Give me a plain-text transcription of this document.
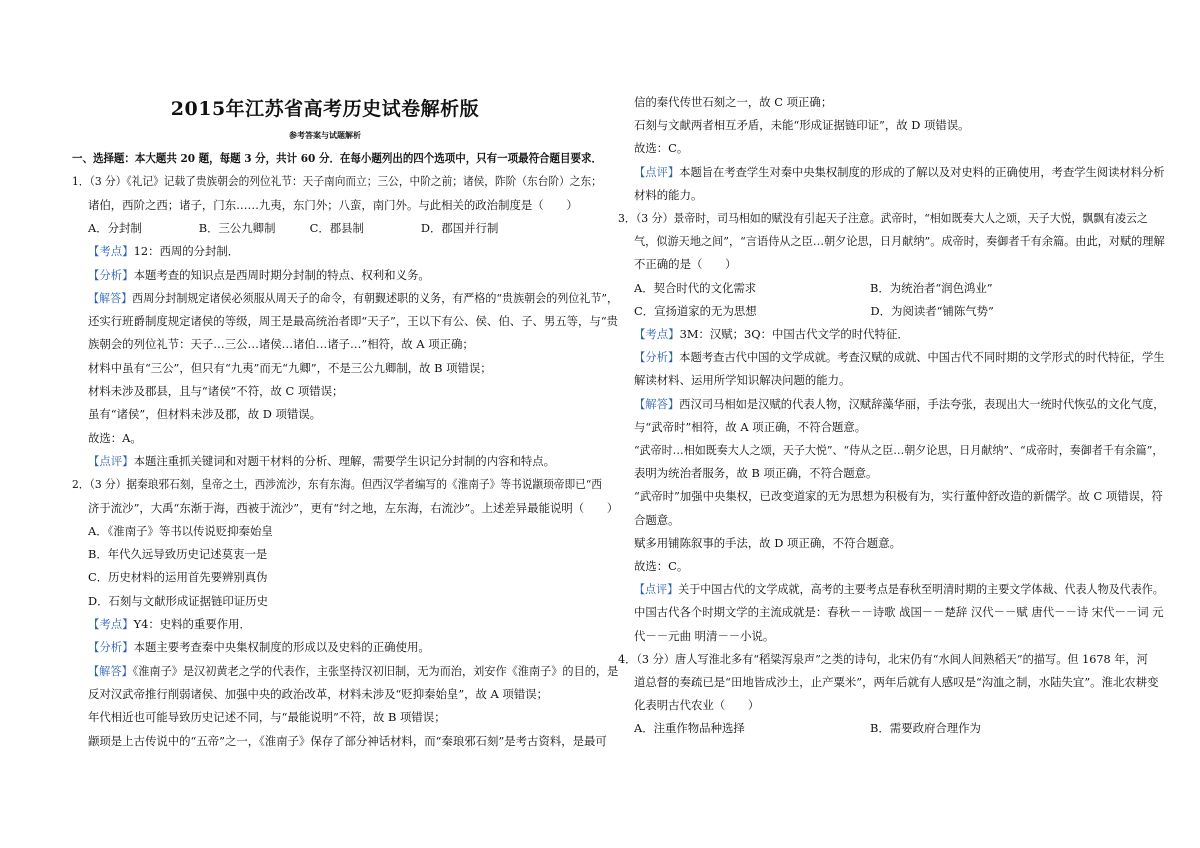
2015年江苏省高考历史试卷解析版
参考答案与试题解析
一、选择题：本大题共 20 题，每题 3 分，共计 60 分．在每小题列出的四个选项中，只有一项最符合题目要求．
1．（3 分）《礼记》记载了贵族朝会的列位礼节：天子南向而立；三公，中阶之前；诸侯，阼阶（东台阶）之东；
诸伯，西阶之西；诸子，门东……九夷，东门外；八蛮，南门外。与此相关的政治制度是（　　）
A．分封制　　　　　B．三公九卿制　　　C．郡县制　　　　　D．郡国并行制
【考点】12：西周的分封制．
【分析】本题考查的知识点是西周时期分封制的特点、权利和义务。
【解答】西周分封制规定诸侯必须服从周天子的命令，有朝觐述职的义务，有严格的“贵族朝会的列位礼节”，
还实行班爵制度规定诸侯的等级，周王是最高统治者即“天子”，王以下有公、侯、伯、子、男五等，与“贵
族朝会的列位礼节：天子…三公…诸侯…诸伯…诸子…”相符，故 A 项正确；
材料中虽有“三公”，但只有“九夷”而无“九卿”，不是三公九卿制，故 B 项错误；
材料未涉及郡县，且与“诸侯”不符，故 C 项错误；
虽有“诸侯”，但材料未涉及郡，故 D 项错误。
故选：A。
【点评】本题注重抓关键词和对题干材料的分析、理解，需要学生识记分封制的内容和特点。
2．（3 分）据秦琅邪石刻，皇帝之土，西涉流沙，东有东海。但西汉学者编写的《淮南子》等书说颛顼帝即已“西
济于流沙”，大禹“东渐于海，西被于流沙”，更有“纣之地，左东海，右流沙”。上述差异最能说明（　　）
A．《淮南子》等书以传说贬抑秦始皇
B．年代久远导致历史记述莫衷一是
C．历史材料的运用首先要辨别真伪
D．石刻与文献形成证据链印证历史
【考点】Y4：史料的重要作用．
【分析】本题主要考查秦中央集权制度的形成以及史料的正确使用。
【解答】《淮南子》是汉初黄老之学的代表作，主张坚持汉初旧制，无为而治，刘安作《淮南子》的目的，是
反对汉武帝推行削弱诸侯、加强中央的政治改革，材料未涉及“贬抑秦始皇”，故 A 项错误；
年代相近也可能导致历史记述不同，与“最能说明”不符，故 B 项错误；
颛顼是上古传说中的“五帝”之一，《淮南子》保存了部分神话材料，而“秦琅邪石刻”是考古资料，是最可
信的秦代传世石刻之一，故 C 项正确；
石刻与文献两者相互矛盾，未能“形成证据链印证”，故 D 项错误。
故选：C。
【点评】本题旨在考查学生对秦中央集权制度的形成的了解以及对史料的正确使用，考查学生阅读材料分析
材料的能力。
3．（3 分）景帝时，司马相如的赋没有引起天子注意。武帝时，“相如既奏大人之颂，天子大悦，飘飘有凌云之
气，似游天地之间”，“言语侍从之臣…朝夕论思，日月献纳”。成帝时，奏御者千有余篇。由此，对赋的理解
不正确的是（　　）
A．契合时代的文化需求　　　　　　　　　　B．为统治者“润色鸿业”
C．宣扬道家的无为思想　　　　　　　　　　D．为阅读者“铺陈气势”
【考点】3M：汉赋；3Q：中国古代文学的时代特征．
【分析】本题考查古代中国的文学成就。考查汉赋的成就、中国古代不同时期的文学形式的时代特征，学生
解读材料、运用所学知识解决问题的能力。
【解答】西汉司马相如是汉赋的代表人物，汉赋辞藻华丽，手法夸张，表现出大一统时代恢弘的文化气度，
与“武帝时”相符，故 A 项正确，不符合题意。
“武帝时…相如既奏大人之颂，天子大悦”、“侍从之臣…朝夕论思，日月献纳”、“成帝时，奏御者千有余篇”，
表明为统治者服务，故 B 项正确，不符合题意。
“武帝时”加强中央集权，已改变道家的无为思想为积极有为，实行董仲舒改造的新儒学。故 C 项错误，符
合题意。
赋多用铺陈叙事的手法，故 D 项正确，不符合题意。
故选：C。
【点评】关于中国古代的文学成就，高考的主要考点是春秋至明清时期的主要文学体裁、代表人物及代表作。
中国古代各个时期文学的主流成就是：春秋－－诗歌 战国－－楚辞 汉代－－赋 唐代－－诗 宋代－－词 元
代－－元曲 明清－－小说。
4．（3 分）唐人写淮北多有“稻粱泻泉声”之类的诗句，北宋仍有“水闾人间熟稻天”的描写。但 1678 年，河
道总督的奏疏已是“田地皆成沙土，止产粟米”，两年后就有人感叹是“沟洫之制，水陆失宜”。淮北农耕变
化表明古代农业（　　）
A．注重作物品种选择　　　　　　　　　　　B．需要政府合理作为
